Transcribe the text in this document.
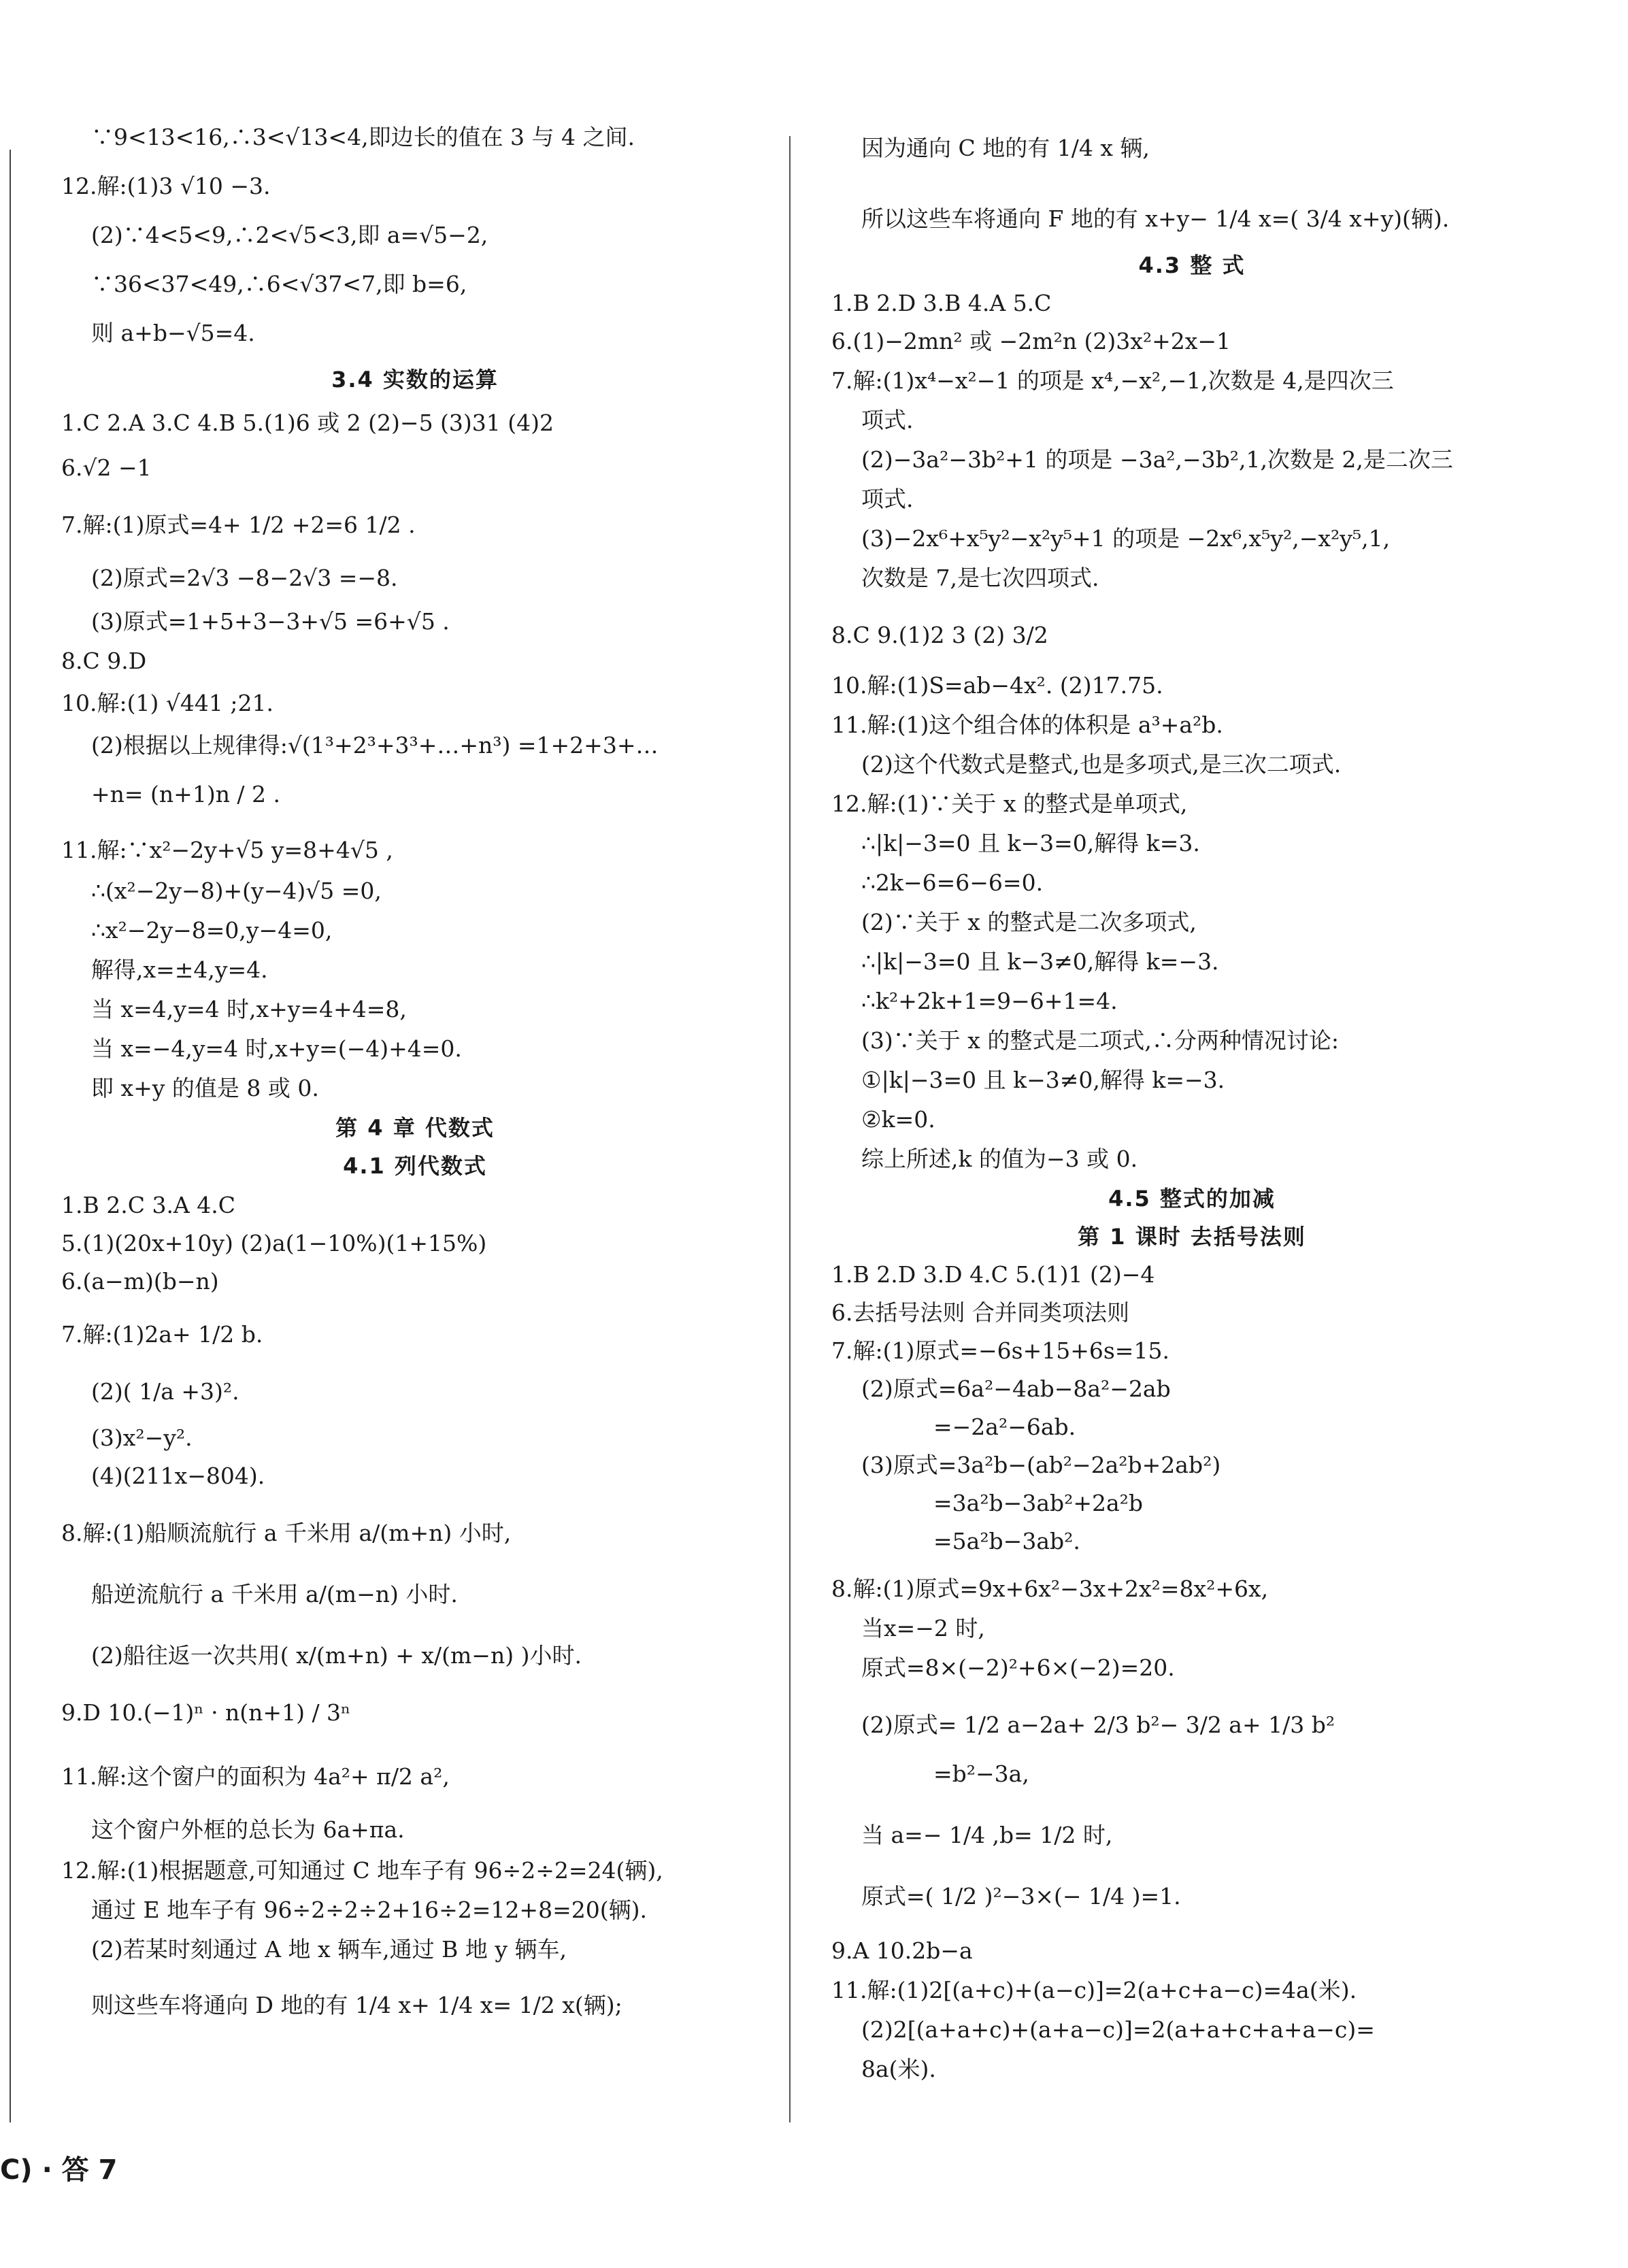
∵9<13<16,∴3<√13<4,即边长的值在 3 与 4 之间.
12.解:(1)3 √10 −3.
(2)∵4<5<9,∴2<√5<3,即 a=√5−2,
∵36<37<49,∴6<√37<7,即 b=6,
则 a+b−√5=4.
3.4 实数的运算
1.C 2.A 3.C 4.B 5.(1)6 或 2 (2)−5 (3)31 (4)2
6.√2 −1
7.解:(1)原式=4+ 1/2 +2=6 1/2 .
(2)原式=2√3 −8−2√3 =−8.
(3)原式=1+5+3−3+√5 =6+√5 .
8.C 9.D
10.解:(1) √441 ;21.
(2)根据以上规律得:√(1³+2³+3³+…+n³) =1+2+3+…
+n= (n+1)n / 2 .
11.解:∵x²−2y+√5 y=8+4√5 ,
∴(x²−2y−8)+(y−4)√5 =0,
∴x²−2y−8=0,y−4=0,
解得,x=±4,y=4.
当 x=4,y=4 时,x+y=4+4=8,
当 x=−4,y=4 时,x+y=(−4)+4=0.
即 x+y 的值是 8 或 0.
第 4 章 代数式
4.1 列代数式
1.B 2.C 3.A 4.C
5.(1)(20x+10y) (2)a(1−10%)(1+15%)
6.(a−m)(b−n)
7.解:(1)2a+ 1/2 b.
(2)( 1/a +3)².
(3)x²−y².
(4)(211x−804).
8.解:(1)船顺流航行 a 千米用 a/(m+n) 小时,
船逆流航行 a 千米用 a/(m−n) 小时.
(2)船往返一次共用( x/(m+n) + x/(m−n) )小时.
9.D 10.(−1)ⁿ · n(n+1) / 3ⁿ
11.解:这个窗户的面积为 4a²+ π/2 a²,
这个窗户外框的总长为 6a+πa.
12.解:(1)根据题意,可知通过 C 地车子有 96÷2÷2=24(辆),
通过 E 地车子有 96÷2÷2÷2+16÷2=12+8=20(辆).
(2)若某时刻通过 A 地 x 辆车,通过 B 地 y 辆车,
则这些车将通向 D 地的有 1/4 x+ 1/4 x= 1/2 x(辆);
因为通向 C 地的有 1/4 x 辆,
所以这些车将通向 F 地的有 x+y− 1/4 x=( 3/4 x+y)(辆).
4.3 整 式
1.B 2.D 3.B 4.A 5.C
6.(1)−2mn² 或 −2m²n (2)3x²+2x−1
7.解:(1)x⁴−x²−1 的项是 x⁴,−x²,−1,次数是 4,是四次三
项式.
(2)−3a²−3b²+1 的项是 −3a²,−3b²,1,次数是 2,是二次三
项式.
(3)−2x⁶+x⁵y²−x²y⁵+1 的项是 −2x⁶,x⁵y²,−x²y⁵,1,
次数是 7,是七次四项式.
8.C 9.(1)2 3 (2) 3/2
10.解:(1)S=ab−4x². (2)17.75.
11.解:(1)这个组合体的体积是 a³+a²b.
(2)这个代数式是整式,也是多项式,是三次二项式.
12.解:(1)∵关于 x 的整式是单项式,
∴|k|−3=0 且 k−3=0,解得 k=3.
∴2k−6=6−6=0.
(2)∵关于 x 的整式是二次多项式,
∴|k|−3=0 且 k−3≠0,解得 k=−3.
∴k²+2k+1=9−6+1=4.
(3)∵关于 x 的整式是二项式,∴分两种情况讨论:
①|k|−3=0 且 k−3≠0,解得 k=−3.
②k=0.
综上所述,k 的值为−3 或 0.
4.5 整式的加减
第 1 课时 去括号法则
1.B 2.D 3.D 4.C 5.(1)1 (2)−4
6.去括号法则 合并同类项法则
7.解:(1)原式=−6s+15+6s=15.
(2)原式=6a²−4ab−8a²−2ab
=−2a²−6ab.
(3)原式=3a²b−(ab²−2a²b+2ab²)
=3a²b−3ab²+2a²b
=5a²b−3ab².
8.解:(1)原式=9x+6x²−3x+2x²=8x²+6x,
当x=−2 时,
原式=8×(−2)²+6×(−2)=20.
(2)原式= 1/2 a−2a+ 2/3 b²− 3/2 a+ 1/3 b²
=b²−3a,
当 a=− 1/4 ,b= 1/2 时,
原式=( 1/2 )²−3×(− 1/4 )=1.
9.A 10.2b−a
11.解:(1)2[(a+c)+(a−c)]=2(a+c+a−c)=4a(米).
(2)2[(a+a+c)+(a+a−c)]=2(a+a+c+a+a−c)=
8a(米).
C) · 答 7
